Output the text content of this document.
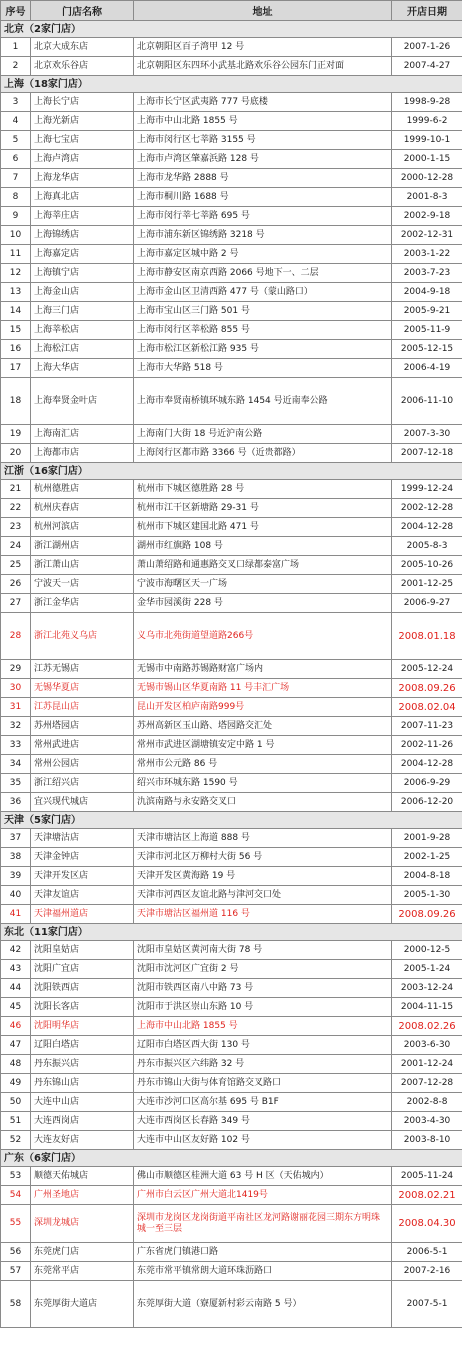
序号	门店名称	地址	开店日期
北京（2家门店）			
1	北京大成东店	北京朝阳区百子湾甲 12 号	2007-1-26
2	北京欢乐谷店	北京朝阳区东四环小武基北路欢乐谷公园东门正对面	2007-4-27
上海（18家门店）			
3	上海长宁店	上海市长宁区武夷路 777 号底楼	1998-9-28
4	上海光新店	上海市中山北路 1855 号	1999-6-2
5	上海七宝店	上海市闵行区七莘路 3155 号	1999-10-1
6	上海卢湾店	上海市卢湾区肇嘉浜路 128 号	2000-1-15
7	上海龙华店	上海市龙华路 2888 号	2000-12-28
8	上海真北店	上海市桐川路 1688 号	2001-8-3
9	上海莘庄店	上海市闵行莘七莘路 695 号	2002-9-18
10	上海锦绣店	上海市浦东新区锦绣路 3218 号	2002-12-31
11	上海嘉定店	上海市嘉定区城中路 2 号	2003-1-22
12	上海镇宁店	上海市静安区南京西路 2066 号地下一、二层	2003-7-23
13	上海金山店	上海市金山区卫清西路 477 号（蒙山路口）	2004-9-18
14	上海三门店	上海市宝山区三门路 501 号	2005-9-21
15	上海莘松店	上海市闵行区莘松路 855 号	2005-11-9
16	上海松江店	上海市松江区新松江路 935 号	2005-12-15
17	上海大华店	上海市大华路 518 号	2006-4-19
18	上海奉贤金叶店	上海市奉贤南桥镇环城东路 1454 号近南奉公路	2006-11-10
19	上海南汇店	上海南门大街 18 号近沪南公路	2007-3-30
20	上海都市店	上海闵行区都市路 3366 号（近贵都路）	2007-12-18
江浙（16家门店）			
21	杭州德胜店	杭州市下城区德胜路 28 号	1999-12-24
22	杭州庆春店	杭州市江干区新塘路 29-31 号	2002-12-28
23	杭州河滨店	杭州市下城区建国北路 471 号	2004-12-28
24	浙江湖州店	湖州市红旗路 108 号	2005-8-3
25	浙江萧山店	萧山萧绍路和通惠路交叉口绿都泰富广场	2005-10-26
26	宁波天一店	宁波市海曙区天一广场	2001-12-25
27	浙江金华店	金华市园溪街 228 号	2006-9-27
28	浙江北苑义乌店	义乌市北苑街道望道路266号	2008.01.18
29	江苏无锡店	无锡市中南路苏锡路财富广场内	2005-12-24
30	无锡华夏店	无锡市锡山区华夏南路 11 号丰汇广场	2008.09.26
31	江苏昆山店	昆山开发区柏庐南路999号	2008.02.04
32	苏州塔园店	苏州高新区玉山路、塔园路交汇处	2007-11-23
33	常州武进店	常州市武进区湖塘镇安定中路 1 号	2002-11-26
34	常州公园店	常州市公元路 86 号	2004-12-28
35	浙江绍兴店	绍兴市环城东路 1590 号	2006-9-29
36	宜兴现代城店	氿滨南路与永安路交叉口	2006-12-20
天津（5家门店）			
37	天津塘沽店	天津市塘沽区上海道 888 号	2001-9-28
38	天津金钟店	天津市河北区万柳村大街 56 号	2002-1-25
39	天津开发区店	天津开发区黄海路 19 号	2004-8-18
40	天津友谊店	天津市河西区友谊北路与津河交口处	2005-1-30
41	天津福州道店	天津市塘沽区福州道 116 号	2008.09.26
东北（11家门店）			
42	沈阳皇姑店	沈阳市皇姑区黄河南大街 78 号	2000-12-5
43	沈阳广宜店	沈阳市沈河区广宜街 2 号	2005-1-24
44	沈阳铁西店	沈阳市铁西区南八中路 73 号	2003-12-24
45	沈阳长客店	沈阳市于洪区崇山东路 10 号	2004-11-15
46	沈阳明华店	上海市中山北路 1855 号	2008.02.26
47	辽阳白塔店	辽阳市白塔区西大街 130 号	2003-6-30
48	丹东振兴店	丹东市振兴区六纬路 32 号	2001-12-24
49	丹东锦山店	丹东市锦山大街与体育馆路交叉路口	2007-12-28
50	大连中山店	大连市沙河口区高尔基 695 号 B1F	2002-8-8
51	大连西岗店	大连市西岗区长春路 349 号	2003-4-30
52	大连友好店	大连市中山区友好路 102 号	2003-8-10
广东（6家门店）			
53	顺德天佑城店	佛山市顺德区桂洲大道 63 号 H 区（天佑城内）	2005-11-24
54	广州圣地店	广州市白云区广州大道北1419号	2008.02.21
55	深圳龙城店	深圳市龙岗区龙岗街道平南社区龙河路谢丽花园三期东方明珠城一至三层	2008.04.30
56	东莞虎门店	广东省虎门镇港口路	2006-5-1
57	东莞常平店	东莞市常平镇常朗大道环珠沥路口	2007-2-16
58	东莞厚街大道店	东莞厚街大道（寮厦新村彩云南路 5 号）	2007-5-1
